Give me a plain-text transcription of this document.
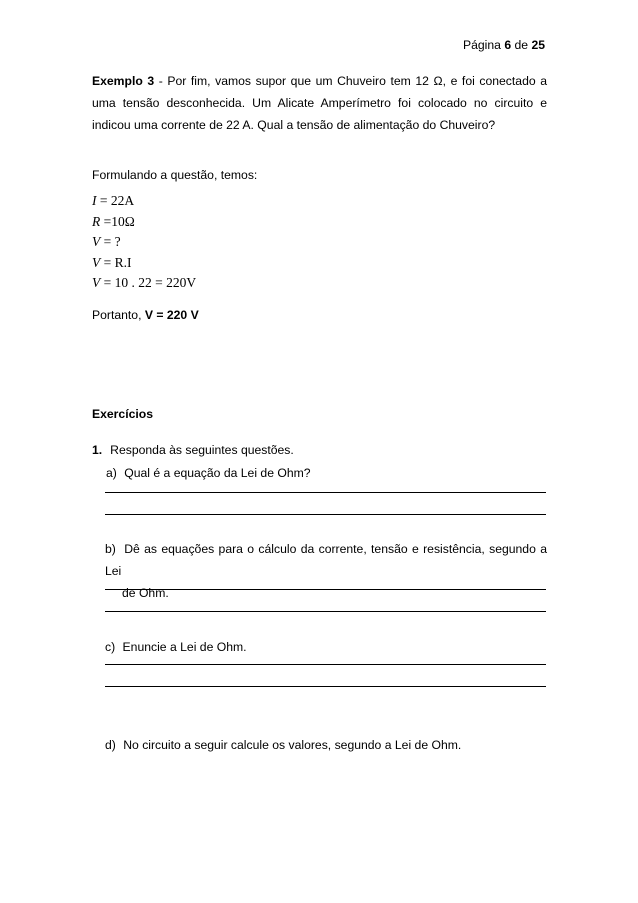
Página 6 de 25
Exemplo 3 - Por fim, vamos supor que um Chuveiro tem 12 Ω, e foi conectado a uma tensão desconhecida. Um Alicate Amperímetro foi colocado no circuito e indicou uma corrente de 22 A. Qual a tensão de alimentação do Chuveiro?
Formulando a questão, temos:
I = 22A
R =10Ω
V = ?
V = R.I
V = 10 . 22 = 220V
Portanto, V = 220 V
Exercícios
1. Responda às seguintes questões.
a) Qual é a equação da Lei de Ohm?
b) Dê as equações para o cálculo da corrente, tensão e resistência, segundo a Lei
de Ohm.
c) Enuncie a Lei de Ohm.
d) No circuito a seguir calcule os valores, segundo a Lei de Ohm.
